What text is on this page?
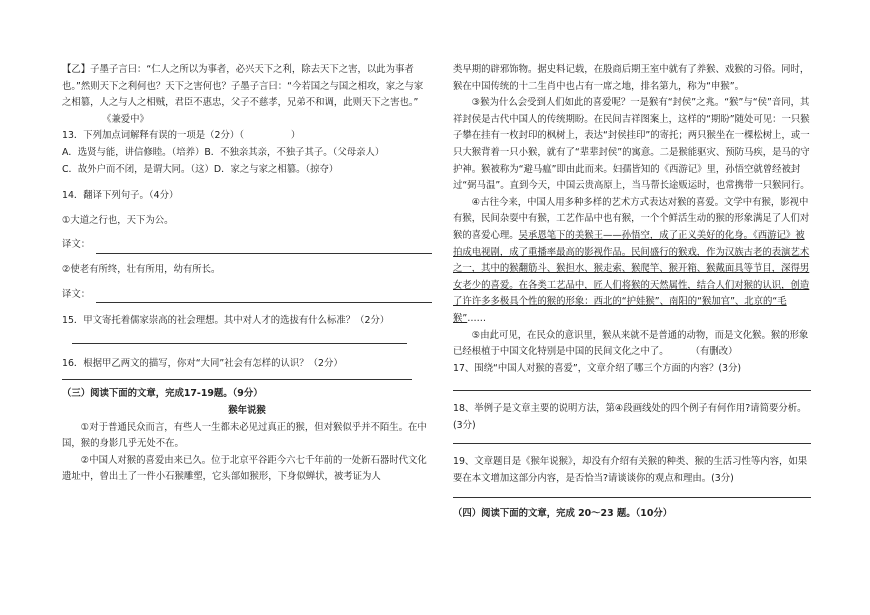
【乙】子墨子言曰：“仁人之所以为事者，必兴天下之利，除去天下之害，以此为事者也。”然则天下之利何也？天下之害何也？子墨子言曰：“今若国之与国之相攻，家之与家之相篡，人之与人之相贼，君臣不惠忠，父子不慈孝，兄弟不和调，此则天下之害也。”《兼爱中》

13．下列加点词解释有误的一项是（2分）（　　　　　）

A．选贤与能，讲信修睦。（培养）B．不独亲其亲，不独子其子。（父母亲人）

C．故外户而不闭，是谓大同。（这）D．家之与家之相篡。（掠夺）

14．翻译下列句子。（4分）

①大道之行也，天下为公。

译文：

②使老有所终，壮有所用，幼有所长。

译文：

15．甲文寄托着儒家崇高的社会理想。其中对人才的选拔有什么标准？（2分）

16．根据甲乙两文的描写，你对“大同”社会有怎样的认识？（2分）

（三）阅读下面的文章，完成17-19题。（9分）

猴年说猴

①对于普通民众而言，有些人一生都未必见过真正的猴，但对猴似乎并不陌生。在中国，猴的身影几乎无处不在。

②中国人对猴的喜爱由来已久。位于北京平谷距今六七千年前的一处新石器时代文化遗址中，曾出土了一件小石猴雕塑，它头部如猴形，下身似蝉状，被考证为人

类早期的辟邪饰物。据史料记载，在殷商后期王室中就有了养猴、戏猴的习俗。同时，猴在中国传统的十二生肖中也占有一席之地，排名第九，称为“申猴”。

③猴为什么会受到人们如此的喜爱呢？一是猴有“封侯”之兆。“猴”与“侯”音同，其祥封侯是古代中国人的传统期盼。在民间吉祥图案上，这样的“期盼”随处可见：一只猴子攀在挂有一枚封印的枫树上，表达“封侯挂印”的寄托；两只猴坐在一棵松树上，或一只大猴背着一只小猴，就有了“辈辈封侯”的寓意。二是猴能驱灾、预防马疾，是马的守护神。猴被称为“避马瘟”即由此而来。妇孺皆知的《西游记》里，孙悟空就曾经被封过“弼马温”。直到今天，中国云贵高原上，当马帮长途贩运时，也常携带一只猴同行。

④古往今来，中国人用多种多样的艺术方式表达对猴的喜爱。文学中有猴，影视中有猴，民间杂耍中有猴，工艺作品中也有猴，一个个鲜活生动的猴的形象满足了人们对猴的喜爱心理。吴承恩笔下的美猴王——孙悟空，成了正义美好的化身。《西游记》被拍成电视剧，成了重播率最高的影视作品。民间盛行的猴戏，作为汉族古老的表演艺术之一，其中的猴翻筋斗、猴担水、猴走索、猴爬竿、猴开箱、猴戴面具等节目，深得男女老少的喜爱。在各类工艺品中，匠人们将猴的天然属性，结合人们对猴的认识，创造了许许多多极具个性的猴的形象：西北的“护娃猴”、南阳的“猴加官”、北京的“毛猴”……

⑤由此可见，在民众的意识里，猴从来就不是普通的动物，而是文化猴。猴的形象已经根植于中国文化特别是中国的民间文化之中了。 （有删改）

17、围绕“中国人对猴的喜爱”，文章介绍了哪三个方面的内容？(3分)

18、举例子是文章主要的说明方法，第④段画线处的四个例子有何作用?请简要分析。(3分)

19、文章题目是《猴年说猴》，却没有介绍有关猴的种类、猴的生活习性等内容，如果要在本文增加这部分内容，是否恰当?请谈谈你的观点和理由。(3分)

（四）阅读下面的文章，完成 20～23 题。（10分）
